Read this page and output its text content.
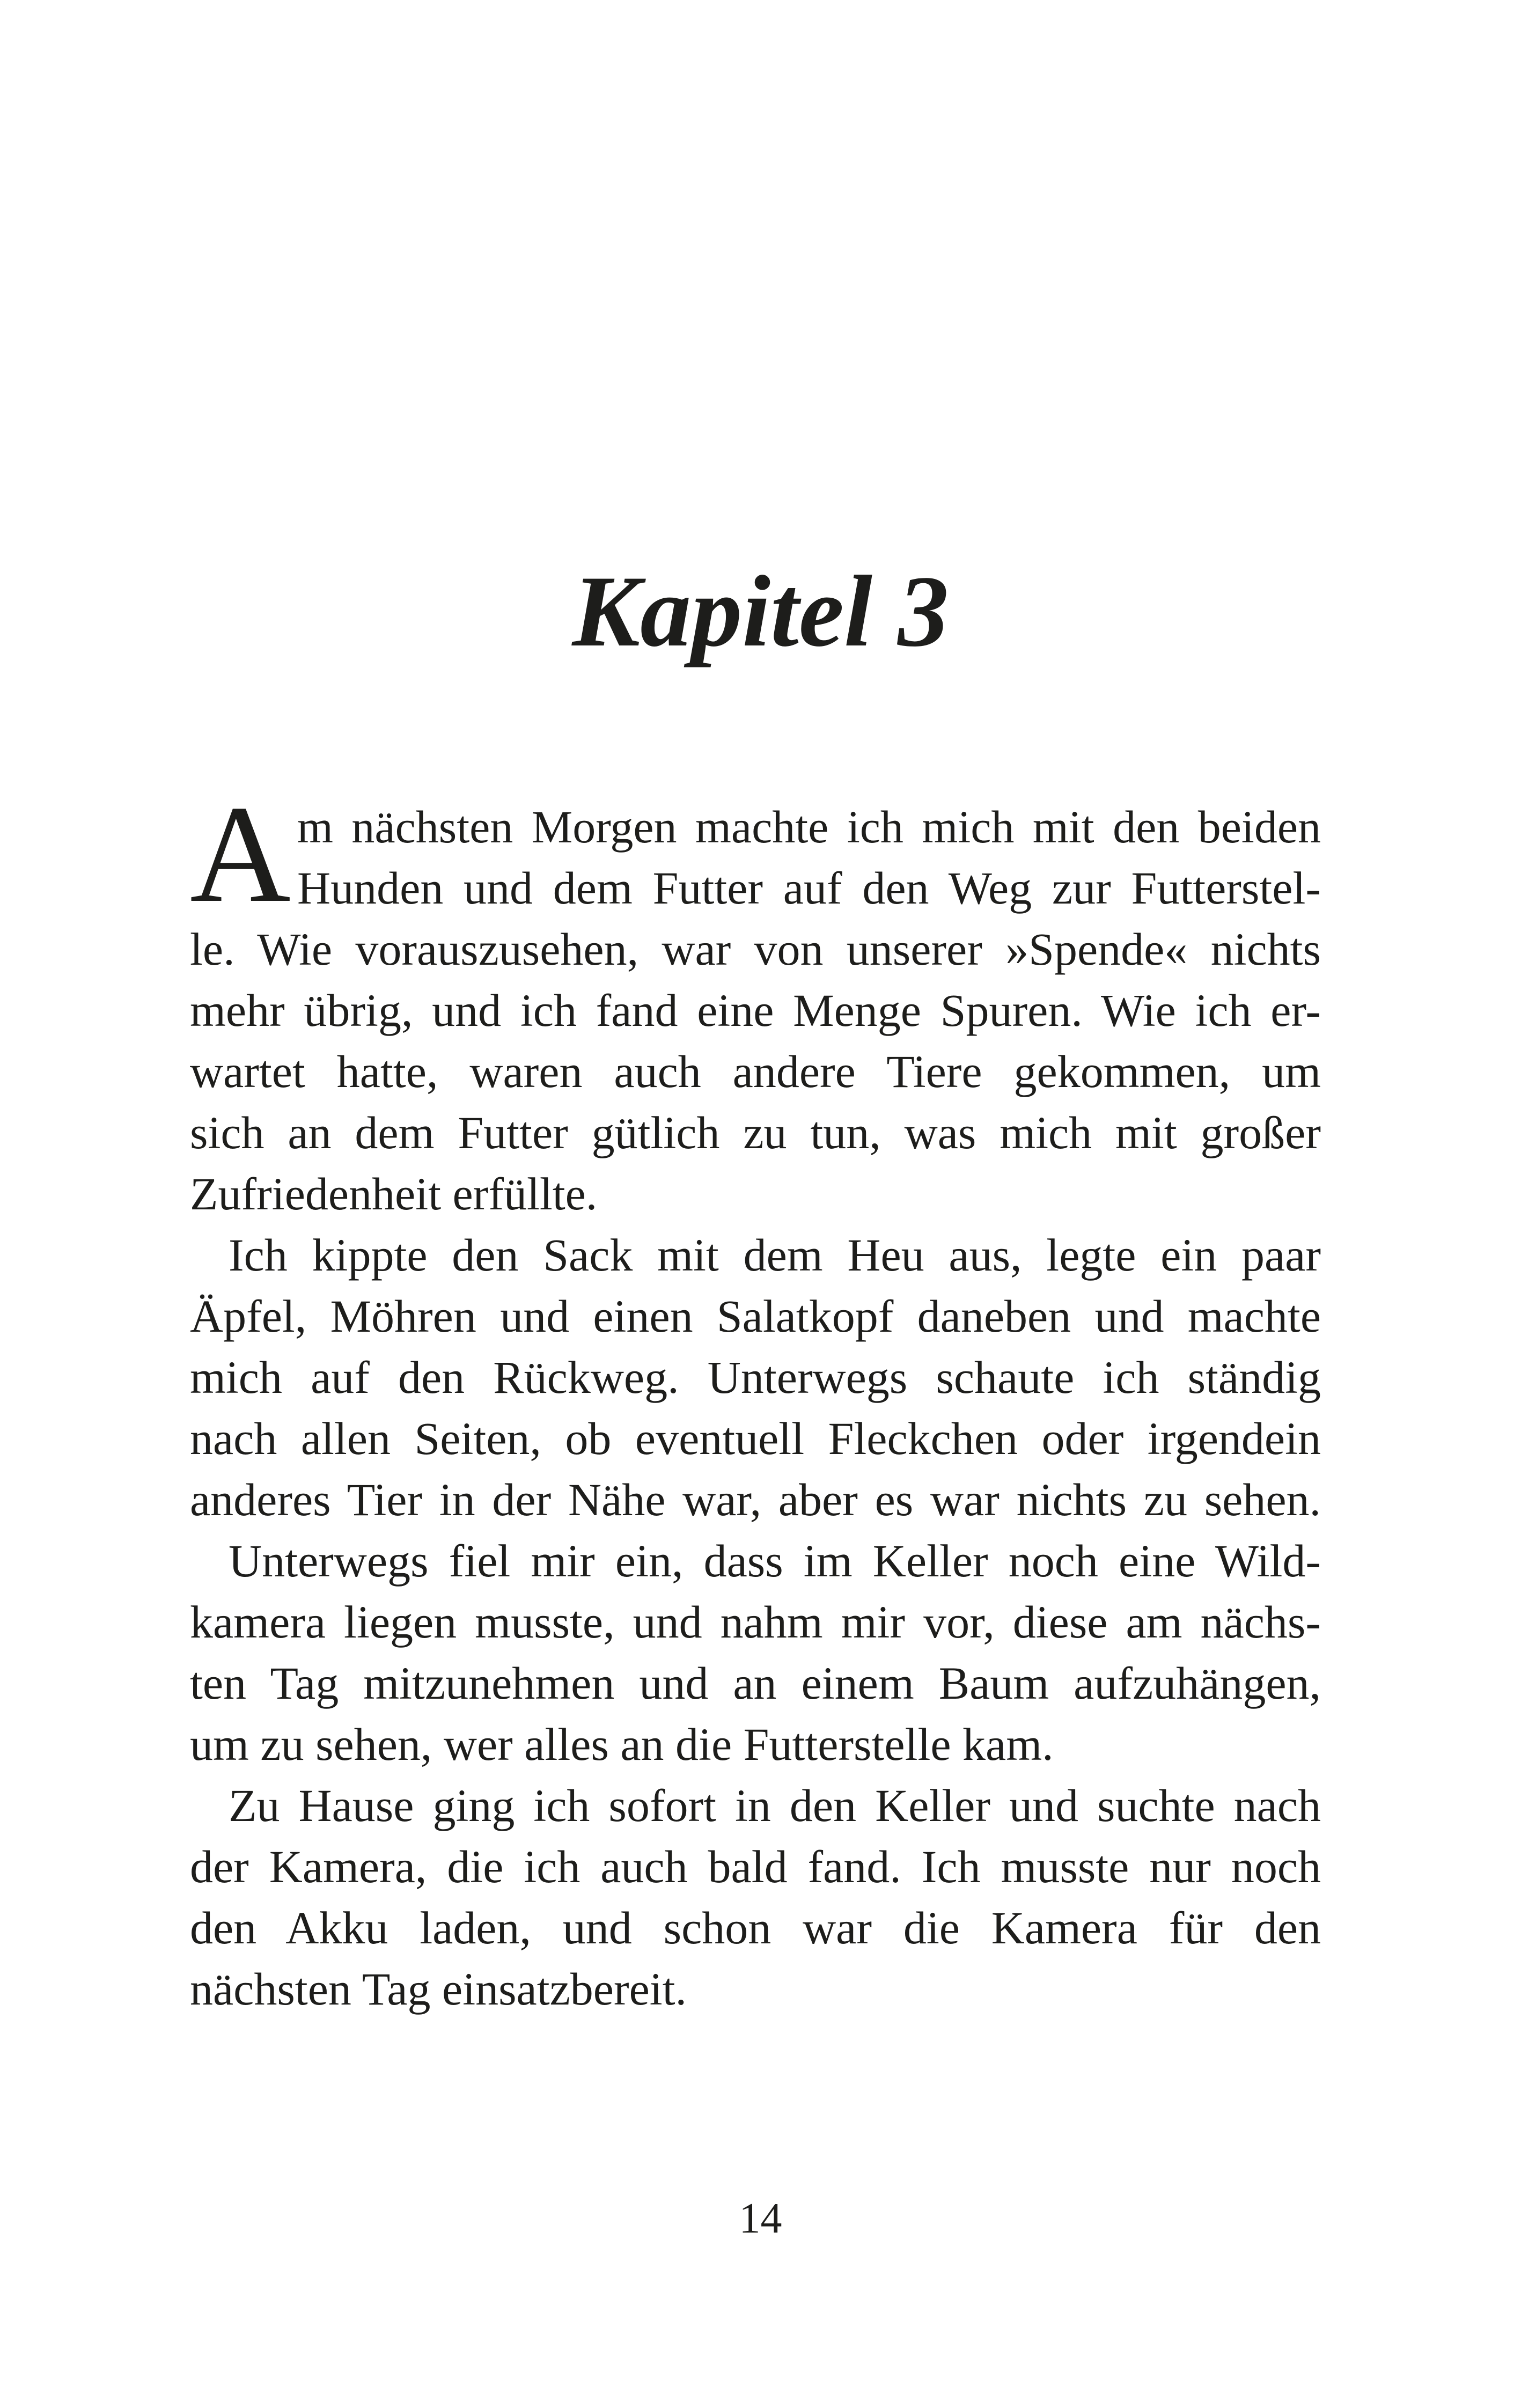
Kapitel 3
A m nächsten Morgen machte ich mich mit den beiden
Hunden und dem Futter auf den Weg zur Futterstel-
le. Wie vorauszusehen, war von unserer »Spende« nichts
mehr übrig, und ich fand eine Menge Spuren. Wie ich er-
wartet hatte, waren auch andere Tiere gekommen, um
sich an dem Futter gütlich zu tun, was mich mit großer
Zufriedenheit erfüllte.
Ich kippte den Sack mit dem Heu aus, legte ein paar
Äpfel, Möhren und einen Salatkopf daneben und machte
mich auf den Rückweg. Unterwegs schaute ich ständig
nach allen Seiten, ob eventuell Fleckchen oder irgendein
anderes Tier in der Nähe war, aber es war nichts zu sehen.
Unterwegs fiel mir ein, dass im Keller noch eine Wild-
kamera liegen musste, und nahm mir vor, diese am nächs-
ten Tag mitzunehmen und an einem Baum aufzuhängen,
um zu sehen, wer alles an die Futterstelle kam.
Zu Hause ging ich sofort in den Keller und suchte nach
der Kamera, die ich auch bald fand. Ich musste nur noch
den Akku laden, und schon war die Kamera für den
nächsten Tag einsatzbereit.
14
